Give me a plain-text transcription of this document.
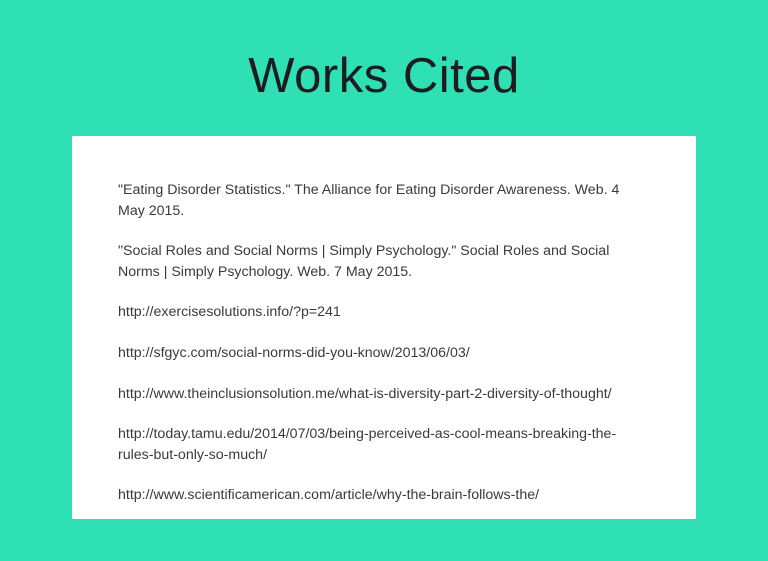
Works Cited
"Eating Disorder Statistics." The Alliance for Eating Disorder Awareness. Web. 4 May 2015.
"Social Roles and Social Norms | Simply Psychology." Social Roles and Social Norms | Simply Psychology. Web. 7 May 2015.
http://exercisesolutions.info/?p=241
http://sfgyc.com/social-norms-did-you-know/2013/06/03/
http://www.theinclusionsolution.me/what-is-diversity-part-2-diversity-of-thought/
http://today.tamu.edu/2014/07/03/being-perceived-as-cool-means-breaking-the-rules-but-only-so-much/
http://www.scientificamerican.com/article/why-the-brain-follows-the/
